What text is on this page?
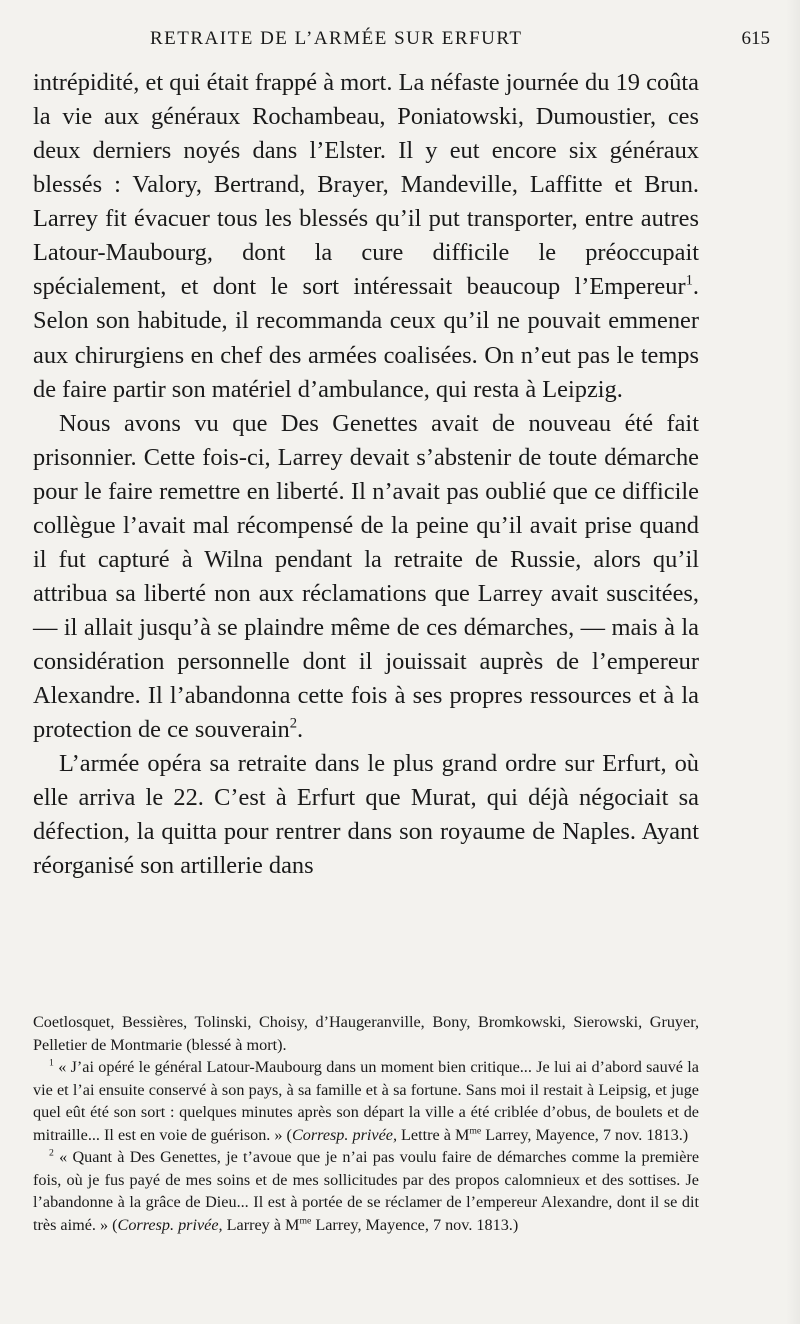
RETRAITE DE L’ARMÉE SUR ERFURT	615

intrépidité, et qui était frappé à mort. La néfaste journée du 19 coûta la vie aux généraux Rochambeau, Poniatowski, Dumoustier, ces deux derniers noyés dans l’Elster. Il y eut encore six généraux blessés : Valory, Bertrand, Brayer, Mandeville, Laffitte et Brun. Larrey fit évacuer tous les blessés qu’il put transporter, entre autres Latour-Maubourg, dont la cure difficile le préoccupait spécialement, et dont le sort intéressait beaucoup l’Empereur$^1$. Selon son habitude, il recommanda ceux qu’il ne pouvait emmener aux chirurgiens en chef des armées coalisées. On n’eut pas le temps de faire partir son matériel d’ambulance, qui resta à Leipzig.

Nous avons vu que Des Genettes avait de nouveau été fait prisonnier. Cette fois-ci, Larrey devait s’abstenir de toute démarche pour le faire remettre en liberté. Il n’avait pas oublié que ce difficile collègue l’avait mal récompensé de la peine qu’il avait prise quand il fut capturé à Wilna pendant la retraite de Russie, alors qu’il attribua sa liberté non aux réclamations que Larrey avait suscitées, — il allait jusqu’à se plaindre même de ces démarches, — mais à la considération personnelle dont il jouissait auprès de l’empereur Alexandre. Il l’abandonna cette fois à ses propres ressources et à la protection de ce souverain$^2$.

L’armée opéra sa retraite dans le plus grand ordre sur Erfurt, où elle arriva le 22. C’est à Erfurt que Murat, qui déjà négociait sa défection, la quitta pour rentrer dans son royaume de Naples. Ayant réorganisé son artillerie dans

Coetlosquet, Bessières, Tolinski, Choisy, d’Haugeranville, Bony, Bromkowski, Sierowski, Gruyer, Pelletier de Montmarie (blessé à mort).

$^1$ « J’ai opéré le général Latour-Maubourg dans un moment bien critique... Je lui ai d’abord sauvé la vie et l’ai ensuite conservé à son pays, à sa famille et à sa fortune. Sans moi il restait à Leipsig, et juge quel eût été son sort : quelques minutes après son départ la ville a été criblée d’obus, de boulets et de mitraille... Il est en voie de guérison. » (Corresp. privée, Lettre à $M^{me}$ Larrey, Mayence, 7 nov. 1813.)

$^2$ « Quant à Des Genettes, je t’avoue que je n’ai pas voulu faire de démarches comme la première fois, où je fus payé de mes soins et de mes sollicitudes par des propos calomnieux et des sottises. Je l’abandonne à la grâce de Dieu... Il est à portée de se réclamer de l’empereur Alexandre, dont il se dit très aimé. » (Corresp. privée, Larrey à $M^{me}$ Larrey, Mayence, 7 nov. 1813.)
